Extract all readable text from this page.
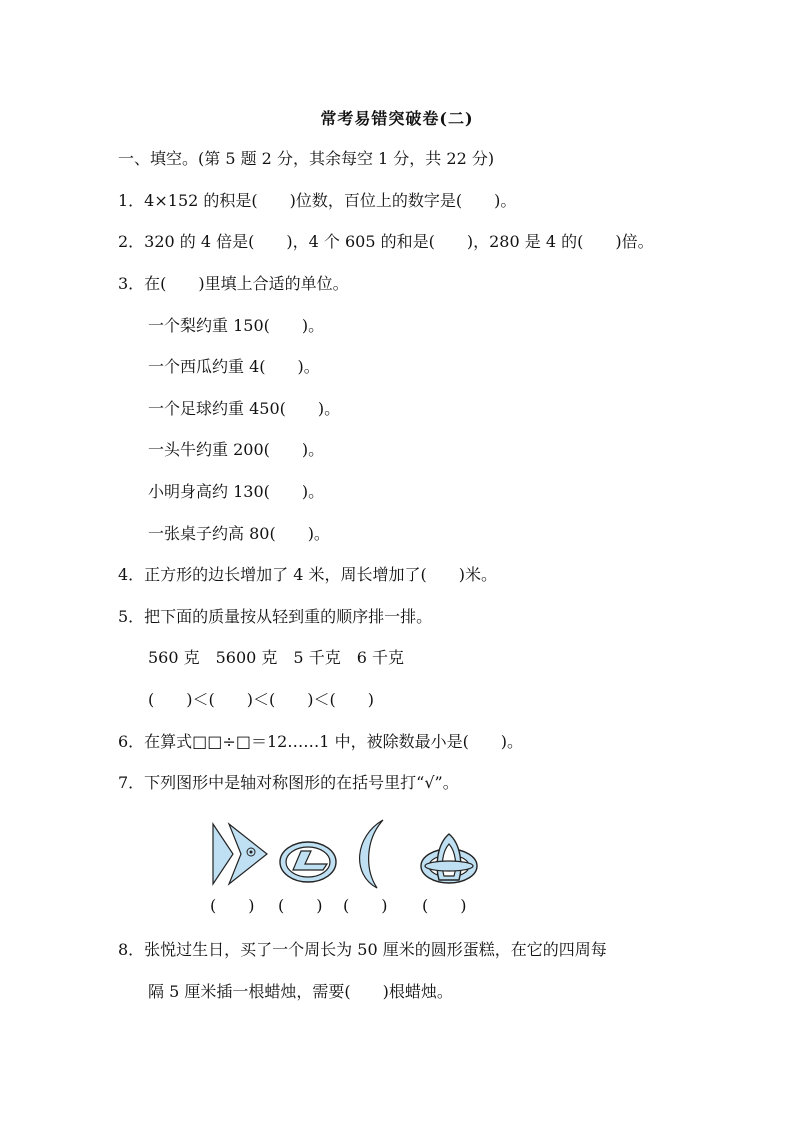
常考易错突破卷(二)
一、填空。(第 5 题 2 分，其余每空 1 分，共 22 分)
1．4×152 的积是(　　)位数，百位上的数字是(　　)。
2．320 的 4 倍是(　　)，4 个 605 的和是(　　)，280 是 4 的(　　)倍。
3．在(　　)里填上合适的单位。
一个梨约重 150(　　)。
一个西瓜约重 4(　　)。
一个足球约重 450(　　)。
一头牛约重 200(　　)。
小明身高约 130(　　)。
一张桌子约高 80(　　)。
4．正方形的边长增加了 4 米，周长增加了(　　)米。
5．把下面的质量按从轻到重的顺序排一排。
560 克　5600 克　5 千克　6 千克
(　　)＜(　　)＜(　　)＜(　　)
6．在算式□□÷□＝12……1 中，被除数最小是(　　)。
7．下列图形中是轴对称图形的在括号里打“√”。
(　　) (　　) (　　) (　　)
8．张悦过生日，买了一个周长为 50 厘米的圆形蛋糕，在它的四周每
隔 5 厘米插一根蜡烛，需要(　　)根蜡烛。
